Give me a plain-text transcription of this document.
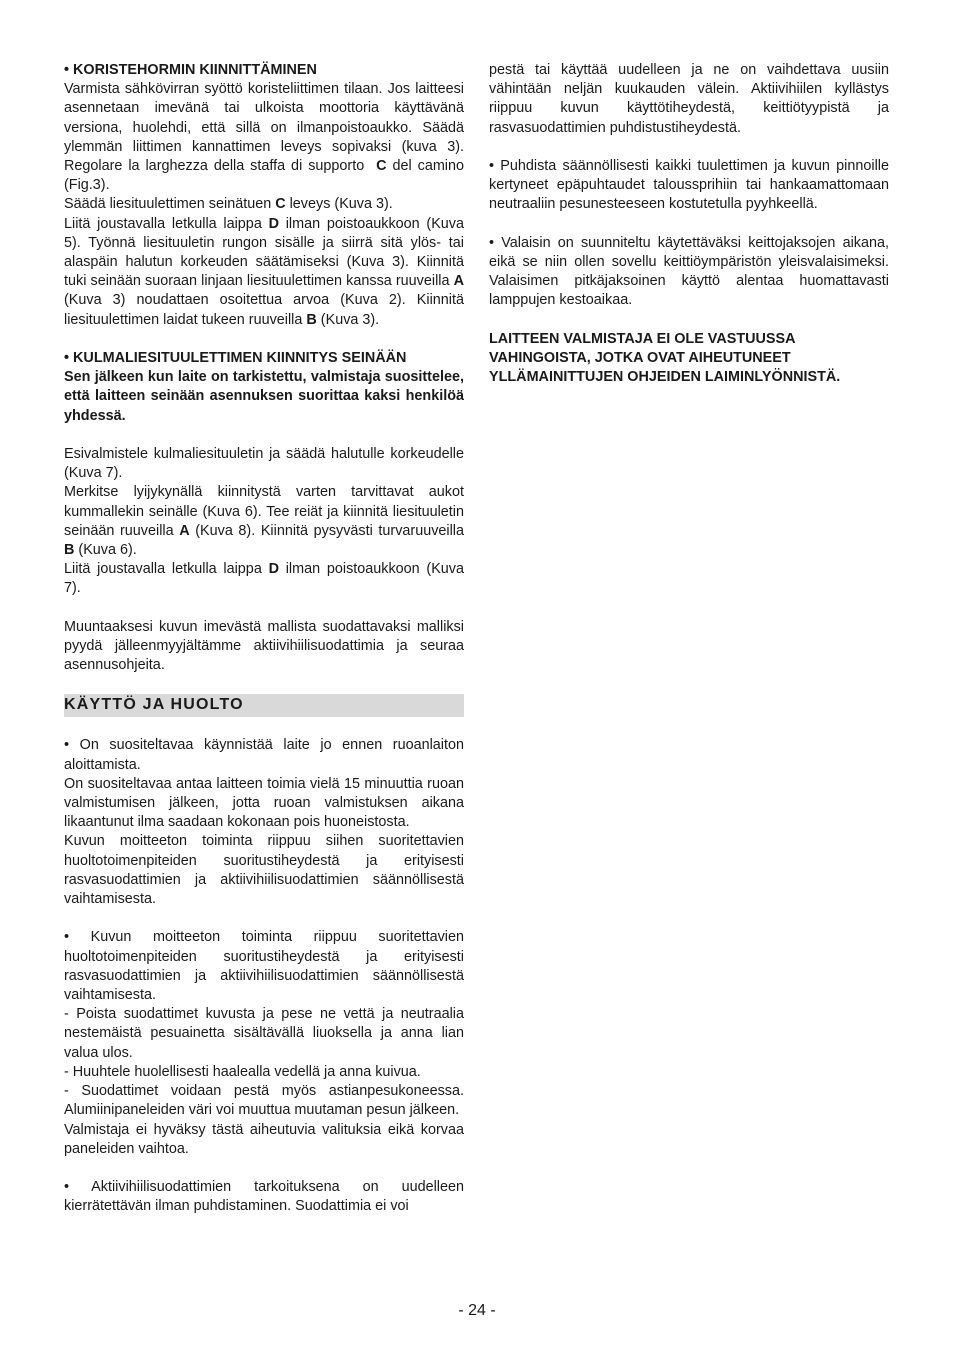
• KORISTEHORMIN KIINNITTÄMINEN

Varmista sähkövirran syöttö koristeliittimen tilaan. Jos laitteesi asennetaan imevänä tai ulkoista moottoria käyttävänä versiona, huolehdi, että sillä on ilmanpoistoaukko. Säädä ylemmän liittimen kannattimen leveys sopivaksi (kuva 3). Regolare la larghezza della staffa di supporto C del camino (Fig.3).

Säädä liesituulettimen seinätuen C leveys (Kuva 3).

Liitä joustavalla letkulla laippa D ilman poistoaukkoon (Kuva 5). Työnnä liesituuletin rungon sisälle ja siirrä sitä ylös- tai alaspäin halutun korkeuden säätämiseksi (Kuva 3). Kiinnitä tuki seinään suoraan linjaan liesituulettimen kanssa ruuveilla A (Kuva 3) noudattaen osoitettua arvoa (Kuva 2). Kiinnitä liesituulettimen laidat tukeen ruuveilla B (Kuva 3).

• KULMALIESITUULETTIMEN KIINNITYS SEINÄÄN

Sen jälkeen kun laite on tarkistettu, valmistaja suosittelee, että laitteen seinään asennuksen suorittaa kaksi henkilöä yhdessä.

Esivalmistele kulmaliesituuletin ja säädä halutulle korkeudelle (Kuva 7).

Merkitse lyijykynällä kiinnitystä varten tarvittavat aukot kummallekin seinälle (Kuva 6). Tee reiät ja kiinnitä liesituuletin seinään ruuveilla A (Kuva 8). Kiinnitä pysyvästi turvaruuveilla B (Kuva 6).

Liitä joustavalla letkulla laippa D ilman poistoaukkoon (Kuva 7).

Muuntaaksesi kuvun imevästä mallista suodattavaksi malliksi pyydä jälleenmyyjältämme aktiivihiilisuodattimia ja seuraa asennusohjeita.

KÄYTTÖ JA HUOLTO

• On suositeltavaa käynnistää laite jo ennen ruoanlaiton aloittamista.

On suositeltavaa antaa laitteen toimia vielä 15 minuuttia ruoan valmistumisen jälkeen, jotta ruoan valmistuksen aikana likaantunut ilma saadaan kokonaan pois huoneistosta.

Kuvun moitteeton toiminta riippuu siihen suoritettavien huoltotoimenpiteiden suoritustiheydestä ja erityisesti rasvasuodattimien ja aktiivihiilisuodattimien säännöllisestä vaihtamisesta.

• Kuvun moitteeton toiminta riippuu suoritettavien huoltotoimenpiteiden suoritustiheydestä ja erityisesti rasvasuodattimien ja aktiivihiilisuodattimien säännöllisestä vaihtamisesta.

- Poista suodattimet kuvusta ja pese ne vettä ja neutraalia nestemäistä pesuainetta sisältävällä liuoksella ja anna lian valua ulos.

- Huuhtele huolellisesti haalealla vedellä ja anna kuivua.

- Suodattimet voidaan pestä myös astianpesukoneessa. Alumiinipaneleiden väri voi muuttua muutaman pesun jälkeen.

Valmistaja ei hyväksy tästä aiheutuvia valituksia eikä korvaa paneleiden vaihtoa.

• Aktiivihiilisuodattimien tarkoituksena on uudelleen kierrätettävän ilman puhdistaminen. Suodattimia ei voi

pestä tai käyttää uudelleen ja ne on vaihdettava uusiin vähintään neljän kuukauden välein. Aktiivihiilen kyllästys riippuu kuvun käyttötiheydestä, keittiötyypistä ja rasvasuodattimien puhdistustiheydestä.

• Puhdista säännöllisesti kaikki tuulettimen ja kuvun pinnoille kertyneet epäpuhtaudet taloussprihiin tai hankaamattomaan neutraaliin pesunesteeseen kostutetulla pyyhkeellä.

• Valaisin on suunniteltu käytettäväksi keittojaksojen aikana, eikä se niin ollen sovellu keittiöympäristön yleisvalaisimeksi. Valaisimen pitkäjaksoinen käyttö alentaa huomattavasti lamppujen kestoaikaa.

LAITTEEN VALMISTAJA EI OLE VASTUUSSA VAHINGOISTA, JOTKA OVAT AIHEUTUNEET YLLÄMAINITTUJEN OHJEIDEN LAIMINLYÖNNISTÄ.

- 24 -
